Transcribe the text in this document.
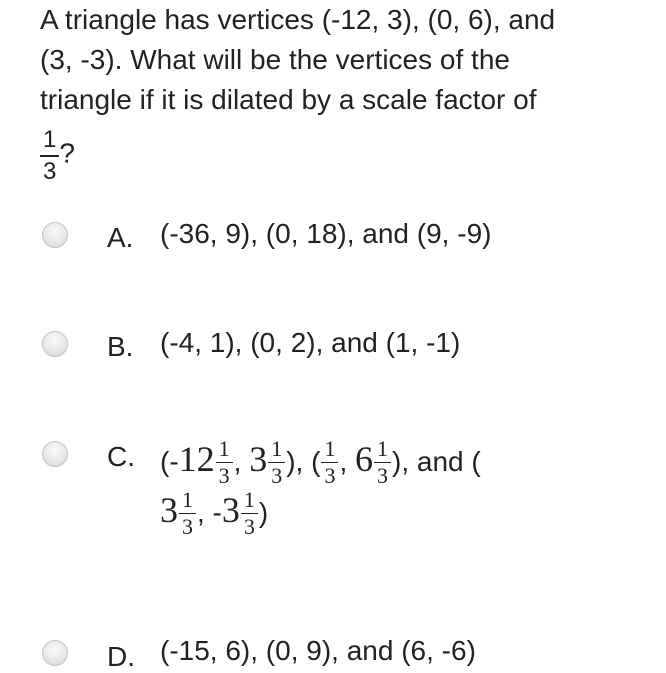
A triangle has vertices (-12, 3), (0, 6), and
(3, -3). What will be the vertices of the
triangle if it is dilated by a scale factor of
$\frac{1}{3}$ ?
A. (-36, 9), (0, 18), and (9, -9)
B. (-4, 1), (0, 2), and (1, -1)
C. ($-12 \frac{1}{3}$ , $3 \frac{1}{3}$ ), ( $\frac{1}{3}$ , $6 \frac{1}{3}$ ), and (
$3 \frac{1}{3}$ , $-3 \frac{1}{3}$ )
D. (-15, 6), (0, 9), and (6, -6)
